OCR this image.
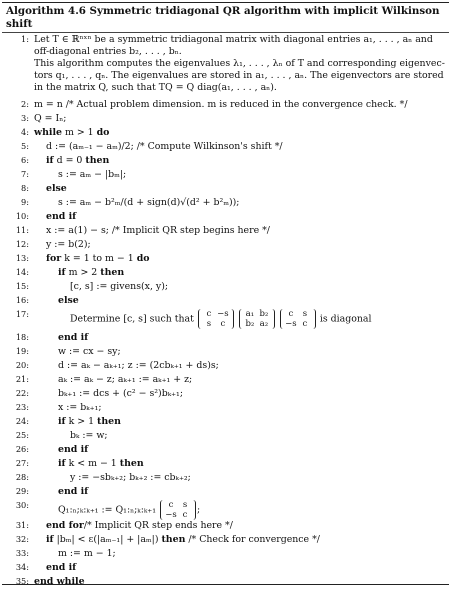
Algorithm 4.6 Symmetric tridiagonal QR algorithm with implicit Wilkinson shift
1: Let T ∈ ℝⁿˣⁿ be a symmetric tridiagonal matrix with diagonal entries a₁, . . . , aₙ and
off-diagonal entries b₂, . . . , bₙ.
This algorithm computes the eigenvalues λ₁, . . . , λₙ of T and corresponding eigenvec-
tors q₁, . . . , qₙ. The eigenvalues are stored in a₁, . . . , aₙ. The eigenvectors are stored
in the matrix Q, such that TQ = Q diag(a₁, . . . , aₙ).
2: m = n /* Actual problem dimension. m is reduced in the convergence check. */
3: Q = Iₙ;
4: while m > 1 do
5: d := (aₘ₋₁ − aₘ)/2; /* Compute Wilkinson's shift */
6: if d = 0 then
7:	s := aₘ − |bₘ|;
8: else
9:	s := aₘ − b²ₘ/(d + sign(d)√(d² + b²ₘ));
10: end if
11: x := a(1) − s; /* Implicit QR step begins here */
12: y := b(2);
13: for k = 1 to m − 1 do
14:	if m > 2 then
15:	[c, s] := givens(x, y);
16:	else
17:	Determine [c, s] such that c −s
s c a₁ b₂
b₂ a₂ c s
−s c is diagonal
18:	end if
19:	w := cx − sy;
20:	d := aₖ − aₖ₊₁; z := (2cbₖ₊₁ + ds)s;
21:	aₖ := aₖ − z; aₖ₊₁ := aₖ₊₁ + z;
22:	bₖ₊₁ := dcs + (c² − s²)bₖ₊₁;
23:	x := bₖ₊₁;
24:	if k > 1 then
25:	bₖ := w;
26:	end if
27:	if k < m − 1 then
28:	y := −sbₖ₊₂; bₖ₊₂ := cbₖ₊₂;
29:	end if
30:	Q₁:ₙ;ₖ:ₖ₊₁ := Q₁:ₙ;ₖ:ₖ₊₁ c s
−s c ;
31: end for/* Implicit QR step ends here */
32: if |bₘ| < ε(|aₘ₋₁| + |aₘ|) then /* Check for convergence */
33:	m := m − 1;
34: end if
35: end while
